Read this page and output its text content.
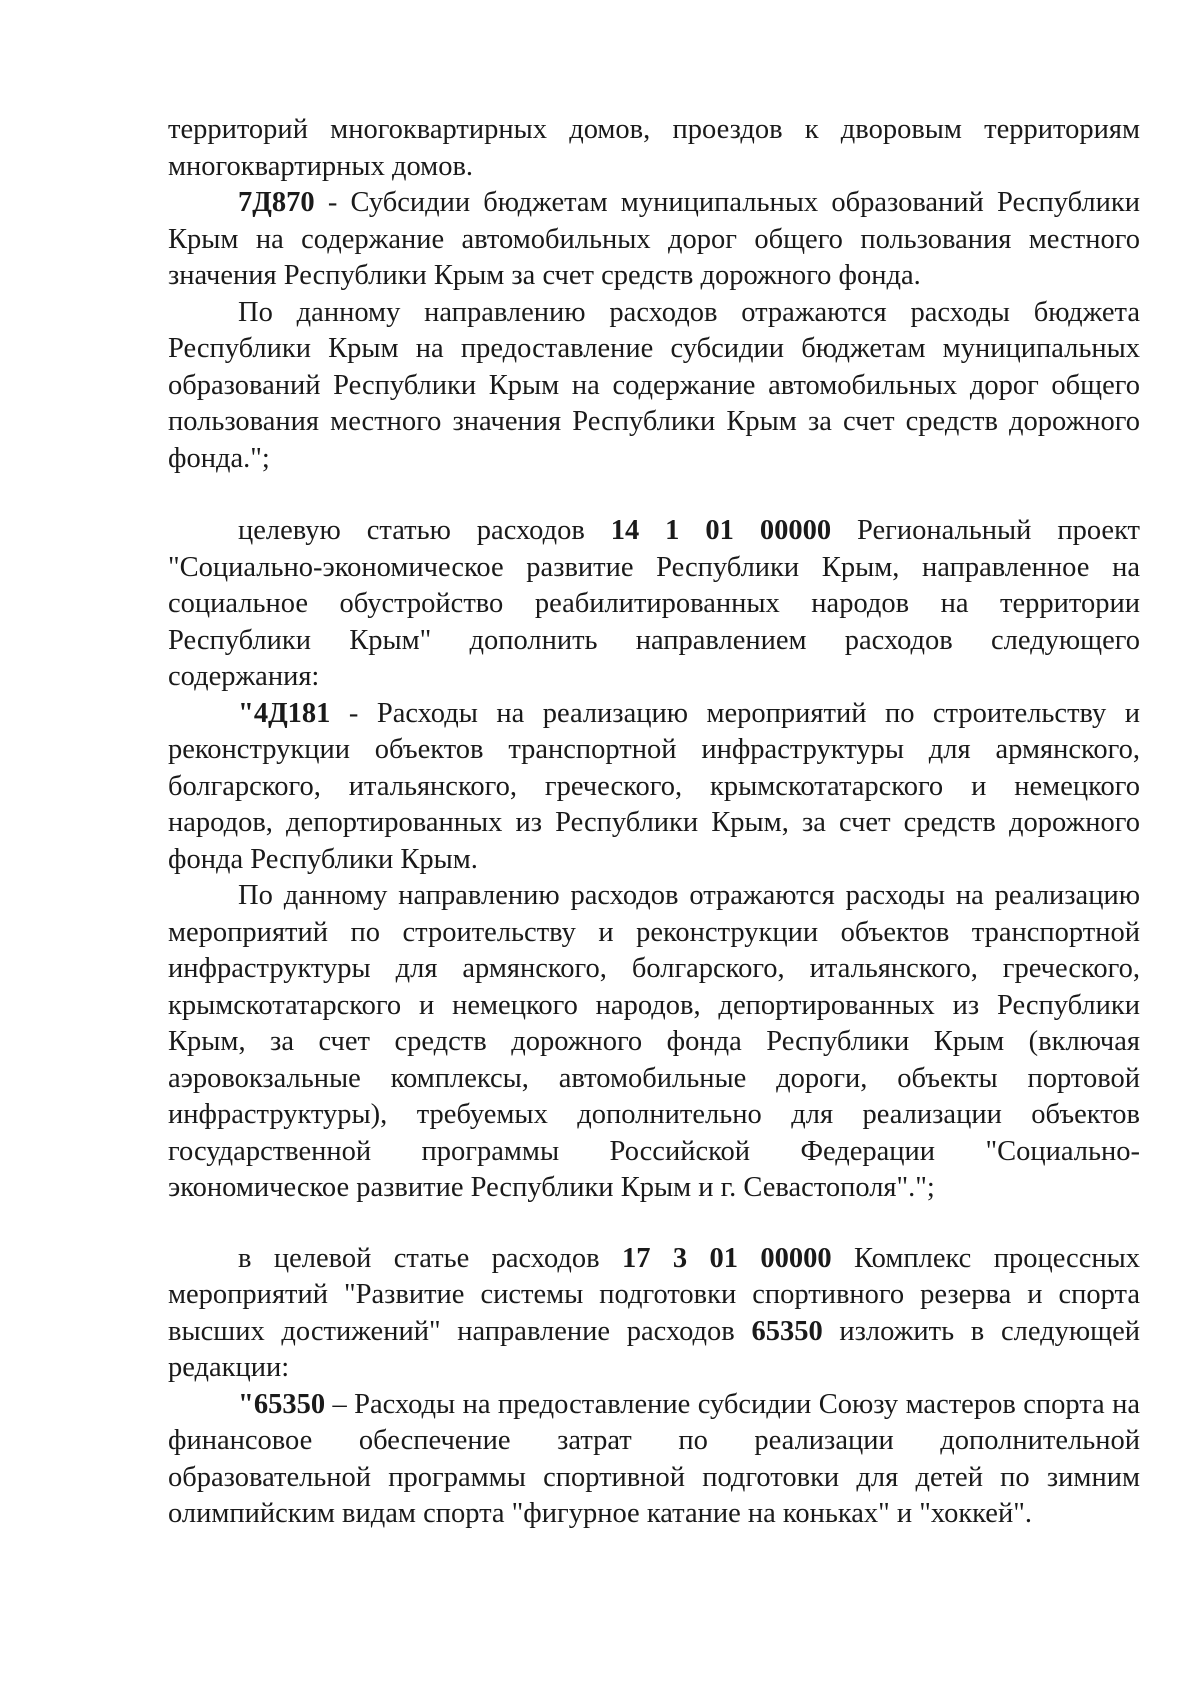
территорий многоквартирных домов, проездов к дворовым территориям многоквартирных домов.

7Д870 - Субсидии бюджетам муниципальных образований Республики Крым на содержание автомобильных дорог общего пользования местного значения Республики Крым за счет средств дорожного фонда.

По данному направлению расходов отражаются расходы бюджета Республики Крым на предоставление субсидии бюджетам муниципальных образований Республики Крым на содержание автомобильных дорог общего пользования местного значения Республики Крым за счет средств дорожного фонда.";

целевую статью расходов 14 1 01 00000 Региональный проект "Социально-экономическое развитие Республики Крым, направленное на социальное обустройство реабилитированных народов на территории Республики Крым" дополнить направлением расходов следующего содержания:

"4Д181 - Расходы на реализацию мероприятий по строительству и реконструкции объектов транспортной инфраструктуры для армянского, болгарского, итальянского, греческого, крымскотатарского и немецкого народов, депортированных из Республики Крым, за счет средств дорожного фонда Республики Крым.

По данному направлению расходов отражаются расходы на реализацию мероприятий по строительству и реконструкции объектов транспортной инфраструктуры для армянского, болгарского, итальянского, греческого, крымскотатарского и немецкого народов, депортированных из Республики Крым, за счет средств дорожного фонда Республики Крым (включая аэровокзальные комплексы, автомобильные дороги, объекты портовой инфраструктуры), требуемых дополнительно для реализации объектов государственной программы Российской Федерации "Социально-экономическое развитие Республики Крым и г. Севастополя".";

в целевой статье расходов 17 3 01 00000 Комплекс процессных мероприятий "Развитие системы подготовки спортивного резерва и спорта высших достижений" направление расходов 65350 изложить в следующей редакции:

"65350 – Расходы на предоставление субсидии Союзу мастеров спорта на финансовое обеспечение затрат по реализации дополнительной образовательной программы спортивной подготовки для детей по зимним олимпийским видам спорта "фигурное катание на коньках" и "хоккей".
